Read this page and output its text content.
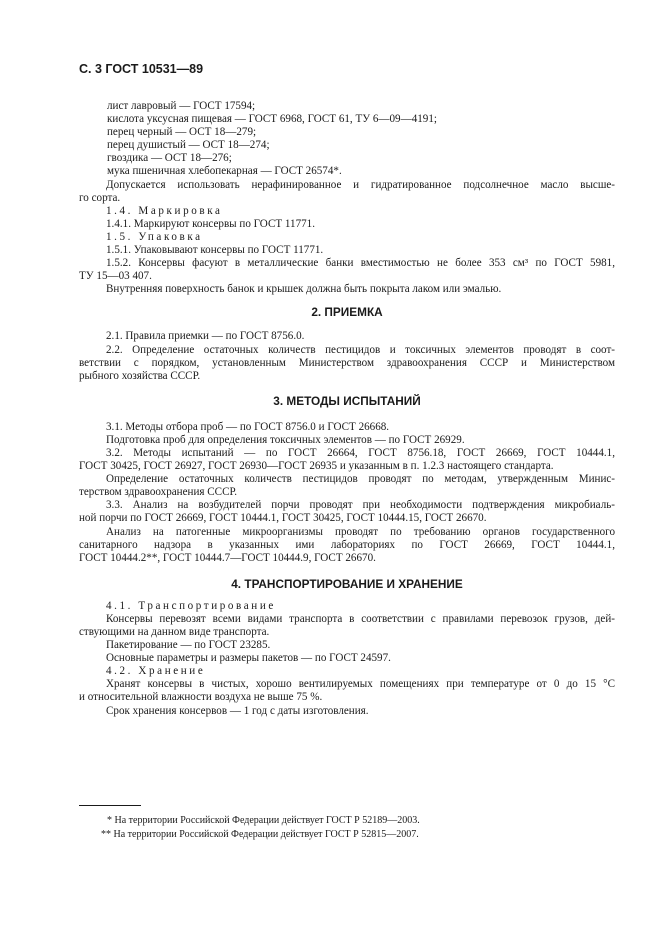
С. 3 ГОСТ 10531—89
лист лавровый — ГОСТ 17594;
кислота уксусная пищевая — ГОСТ 6968, ГОСТ 61, ТУ 6—09—4191;
перец черный — ОСТ 18—279;
перец душистый — ОСТ 18—274;
гвоздика — ОСТ 18—276;
мука пшеничная хлебопекарная — ГОСТ 26574*.
Допускается использовать нерафинированное и гидратированное подсолнечное масло высше-
го сорта.
1.4. Маркировка
1.4.1. Маркируют консервы по ГОСТ 11771.
1.5. Упаковка
1.5.1. Упаковывают консервы по ГОСТ 11771.
1.5.2. Консервы фасуют в металлические банки вместимостью не более 353 см³ по ГОСТ 5981,
ТУ 15—03 407.
Внутренняя поверхность банок и крышек должна быть покрыта лаком или эмалью.
2. ПРИЕМКА
2.1. Правила приемки — по ГОСТ 8756.0.
2.2. Определение остаточных количеств пестицидов и токсичных элементов проводят в соот-
ветствии с порядком, установленным Министерством здравоохранения СССР и Министерством
рыбного хозяйства СССР.
3. МЕТОДЫ ИСПЫТАНИЙ
3.1. Методы отбора проб — по ГОСТ 8756.0 и ГОСТ 26668.
Подготовка проб для определения токсичных элементов — по ГОСТ 26929.
3.2. Методы испытаний — по ГОСТ 26664, ГОСТ 8756.18, ГОСТ 26669, ГОСТ 10444.1,
ГОСТ 30425, ГОСТ 26927, ГОСТ 26930—ГОСТ 26935 и указанным в п. 1.2.3 настоящего стандарта.
Определение остаточных количеств пестицидов проводят по методам, утвержденным Минис-
терством здравоохранения СССР.
3.3. Анализ на возбудителей порчи проводят при необходимости подтверждения микробиаль-
ной порчи по ГОСТ 26669, ГОСТ 10444.1, ГОСТ 30425, ГОСТ 10444.15, ГОСТ 26670.
Анализ на патогенные микроорганизмы проводят по требованию органов государственного
санитарного надзора в указанных ими лабораториях по ГОСТ 26669, ГОСТ 10444.1,
ГОСТ 10444.2**, ГОСТ 10444.7—ГОСТ 10444.9, ГОСТ 26670.
4. ТРАНСПОРТИРОВАНИЕ И ХРАНЕНИЕ
4.1. Транспортирование
Консервы перевозят всеми видами транспорта в соответствии с правилами перевозок грузов, дей-
ствующими на данном виде транспорта.
Пакетирование — по ГОСТ 23285.
Основные параметры и размеры пакетов — по ГОСТ 24597.
4.2. Хранение
Хранят консервы в чистых, хорошо вентилируемых помещениях при температуре от 0 до 15 °С
и относительной влажности воздуха не выше 75 %.
Срок хранения консервов — 1 год с даты изготовления.
* На территории Российской Федерации действует ГОСТ Р 52189—2003.
** На территории Российской Федерации действует ГОСТ Р 52815—2007.
